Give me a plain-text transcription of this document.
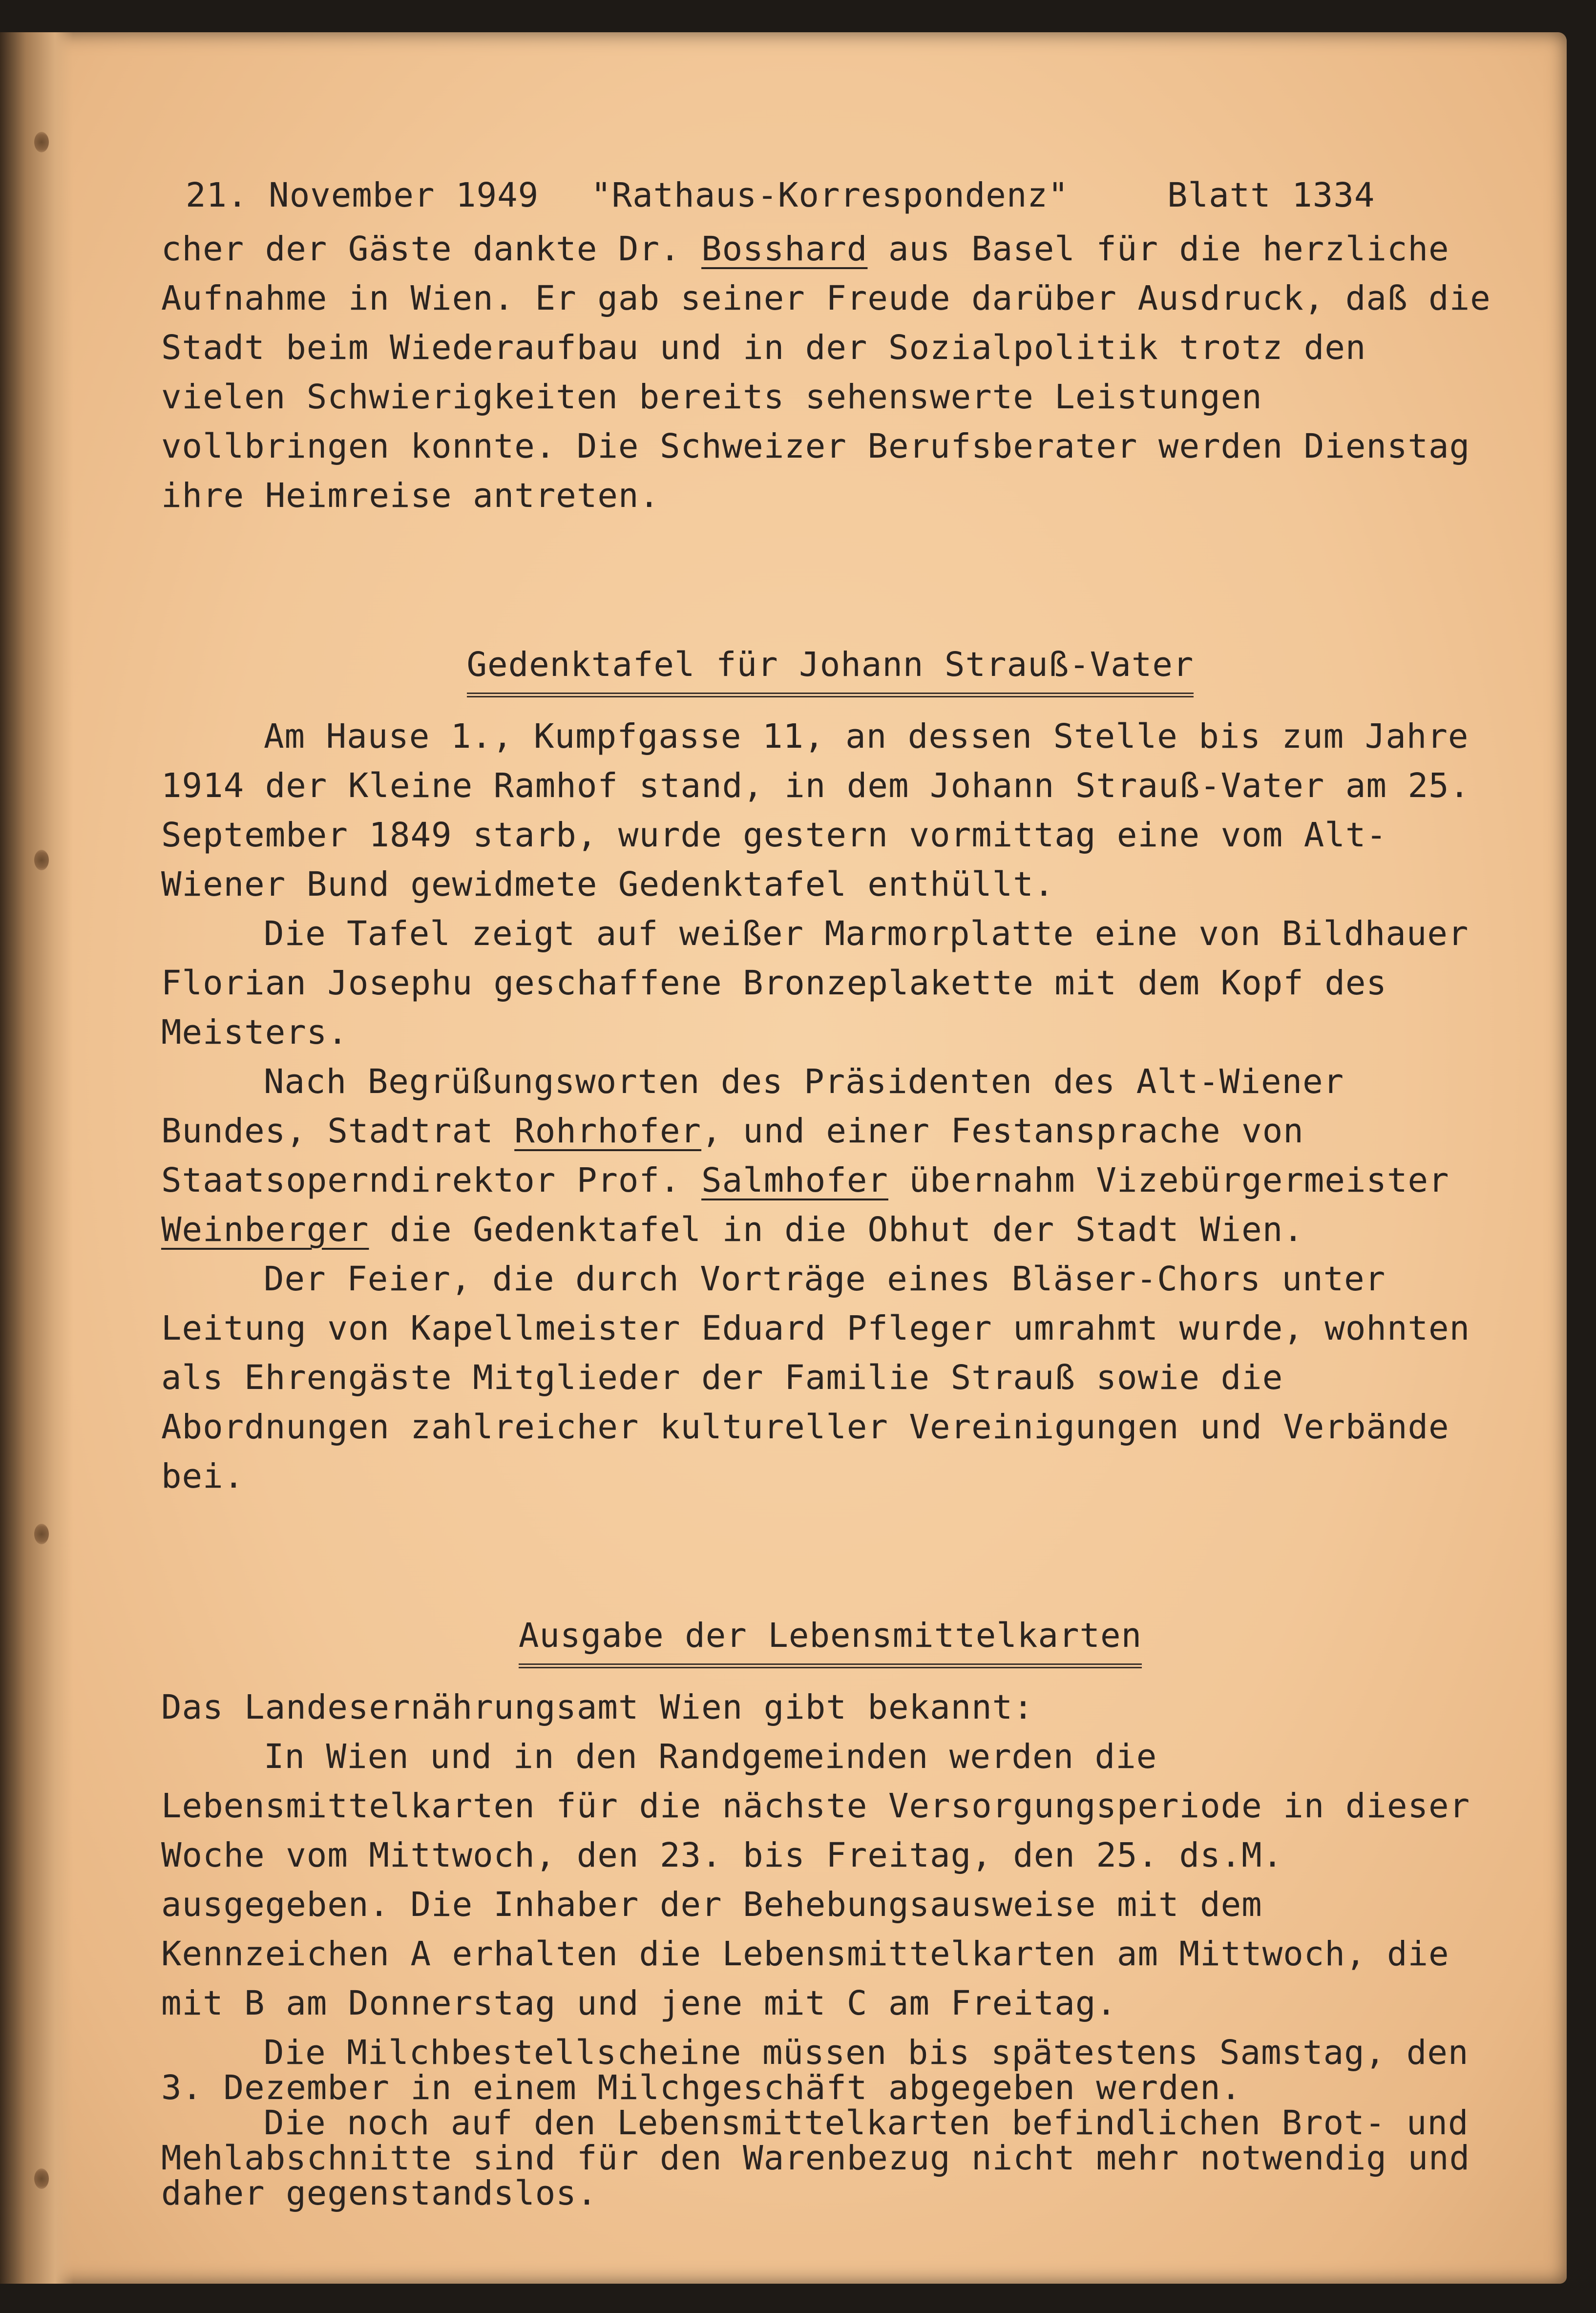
21. November 1949 "Rathaus-Korrespondenz"	Blatt 1334

cher der Gäste dankte Dr. Bosshard aus Basel für die herzliche Aufnahme in Wien. Er gab seiner Freude darüber Ausdruck, daß die Stadt beim Wiederaufbau und in der Sozialpolitik trotz den vielen Schwierigkeiten bereits sehenswerte Leistungen vollbringen konnte. Die Schweizer Berufsberater werden Dienstag ihre Heimreise antreten.

Gedenktafel für Johann Strauß-Vater

Am Hause 1., Kumpfgasse 11, an dessen Stelle bis zum Jahre 1914 der Kleine Ramhof stand, in dem Johann Strauß-Vater am 25. September 1849 starb, wurde gestern vormittag eine vom Alt-Wiener Bund gewidmete Gedenktafel enthüllt.

Die Tafel zeigt auf weißer Marmorplatte eine von Bildhauer Florian Josephu geschaffene Bronzeplakette mit dem Kopf des Meisters.

Nach Begrüßungsworten des Präsidenten des Alt-Wiener Bundes, Stadtrat Rohrhofer, und einer Festansprache von Staatsoperndirektor Prof. Salmhofer übernahm Vizebürgermeister Weinberger die Gedenktafel in die Obhut der Stadt Wien.

Der Feier, die durch Vorträge eines Bläser-Chors unter Leitung von Kapellmeister Eduard Pfleger umrahmt wurde, wohnten als Ehrengäste Mitglieder der Familie Strauß sowie die Abordnungen zahlreicher kultureller Vereinigungen und Verbände bei.

Ausgabe der Lebensmittelkarten

Das Landesernährungsamt Wien gibt bekannt:

In Wien und in den Randgemeinden werden die Lebensmittelkarten für die nächste Versorgungsperiode in dieser Woche vom Mittwoch, den 23. bis Freitag, den 25. ds.M. ausgegeben. Die Inhaber der Behebungsausweise mit dem Kennzeichen A erhalten die Lebensmittelkarten am Mittwoch, die mit B am Donnerstag und jene mit C am Freitag.

Die Milchbestellscheine müssen bis spätestens Samstag, den 3. Dezember in einem Milchgeschäft abgegeben werden.

Die noch auf den Lebensmittelkarten befindlichen Brot- und Mehlabschnitte sind für den Warenbezug nicht mehr notwendig und daher gegenstandslos.
